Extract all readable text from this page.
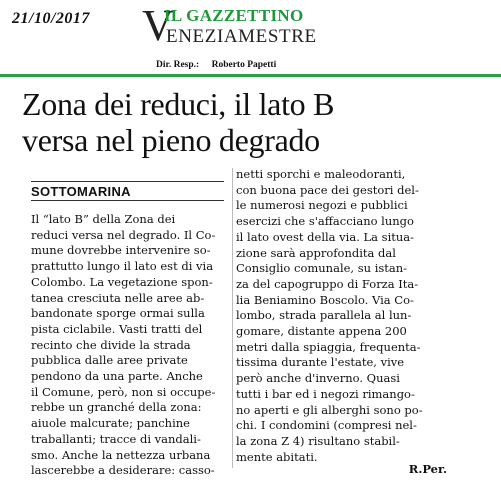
21/10/2017 V
IL GAZZETTINO
ENEZIAMESTRE
Dir. Resp.: Roberto Papetti
Zona dei reduci, il lato B
versa nel pieno degrado
SOTTOMARINA
Il “lato B” della Zona dei
reduci versa nel degrado. Il Co-
mune dovrebbe intervenire so-
prattutto lungo il lato est di via
Colombo. La vegetazione spon-
tanea cresciuta nelle aree ab-
bandonate sporge ormai sulla
pista ciclabile. Vasti tratti del
recinto che divide la strada
pubblica dalle aree private
pendono da una parte. Anche
il Comune, però, non si occupe-
rebbe un granché della zona:
aiuole malcurate; panchine
traballanti; tracce di vandali-
smo. Anche la nettezza urbana
lascerebbe a desiderare: casso-
netti sporchi e maleodoranti,
con buona pace dei gestori del-
le numerosi negozi e pubblici
esercizi che s'affacciano lungo
il lato ovest della via. La situa-
zione sarà approfondita dal
Consiglio comunale, su istan-
za del capogruppo di Forza Ita-
lia Beniamino Boscolo. Via Co-
lombo, strada parallela al lun-
gomare, distante appena 200
metri dalla spiaggia, frequenta-
tissima durante l'estate, vive
però anche d'inverno. Quasi
tutti i bar ed i negozi rimango-
no aperti e gli alberghi sono po-
chi. I condomini (compresi nel-
la zona Z 4) risultano stabil-
mente abitati.
R.Per.
